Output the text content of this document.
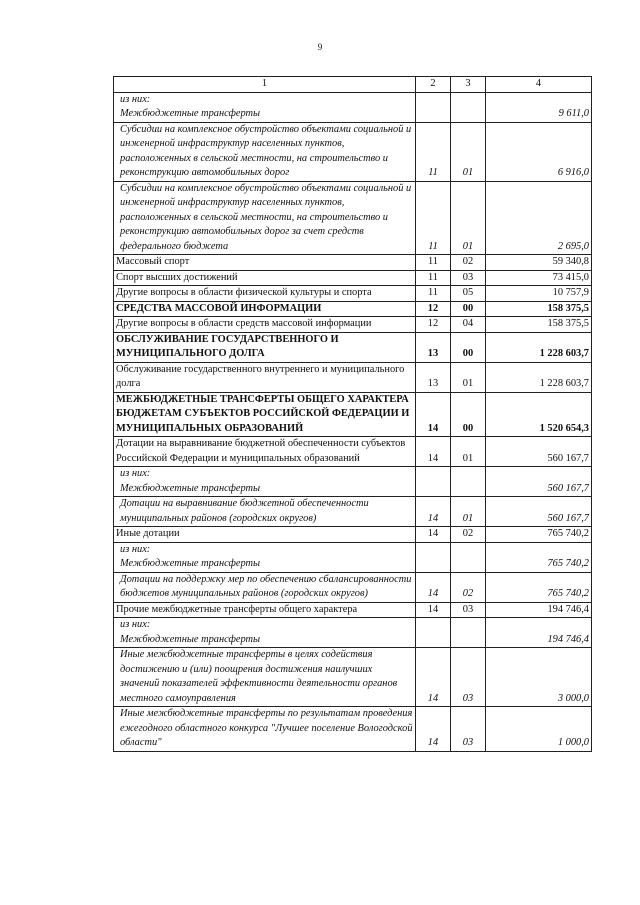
9
1	2	3	4
из них:
Межбюджетные трансферты			9 611,0
Субсидии на комплексное обустройство объектами социальной и инженерной инфраструктур населенных пунктов, расположенных в сельской местности, на строительство и реконструкцию автомобильных дорог	11	01	6 916,0
Субсидии на комплексное обустройство объектами социальной и инженерной инфраструктур населенных пунктов, расположенных в сельской местности, на строительство и реконструкцию автомобильных дорог за счет средств федерального бюджета	11	01	2 695,0
Массовый спорт	11	02	59 340,8
Спорт высших достижений	11	03	73 415,0
Другие вопросы в области физической культуры и спорта	11	05	10 757,9
СРЕДСТВА МАССОВОЙ ИНФОРМАЦИИ	12	00	158 375,5
Другие вопросы в области средств массовой информации	12	04	158 375,5
ОБСЛУЖИВАНИЕ ГОСУДАРСТВЕННОГО И МУНИЦИПАЛЬНОГО ДОЛГА	13	00	1 228 603,7
Обслуживание государственного внутреннего и муниципального долга	13	01	1 228 603,7
МЕЖБЮДЖЕТНЫЕ ТРАНСФЕРТЫ ОБЩЕГО ХАРАКТЕРА БЮДЖЕТАМ СУБЪЕКТОВ РОССИЙСКОЙ ФЕДЕРАЦИИ И МУНИЦИПАЛЬНЫХ ОБРАЗОВАНИЙ	14	00	1 520 654,3
Дотации на выравнивание бюджетной обеспеченности субъектов Российской Федерации и муниципальных образований	14	01	560 167,7
из них:
Межбюджетные трансферты			560 167,7
Дотации на выравнивание бюджетной обеспеченности муниципальных районов (городских округов)	14	01	560 167,7
Иные дотации	14	02	765 740,2
из них:
Межбюджетные трансферты			765 740,2
Дотации на поддержку мер по обеспечению сбалансированности бюджетов муниципальных районов (городских округов)	14	02	765 740,2
Прочие межбюджетные трансферты общего характера	14	03	194 746,4
из них:
Межбюджетные трансферты			194 746,4
Иные межбюджетные трансферты в целях содействия достижению и (или) поощрения достижения наилучших значений показателей эффективности деятельности органов местного самоуправления	14	03	3 000,0
Иные межбюджетные трансферты по результатам проведения ежегодного областного конкурса "Лучшее поселение Вологодской области"	14	03	1 000,0
